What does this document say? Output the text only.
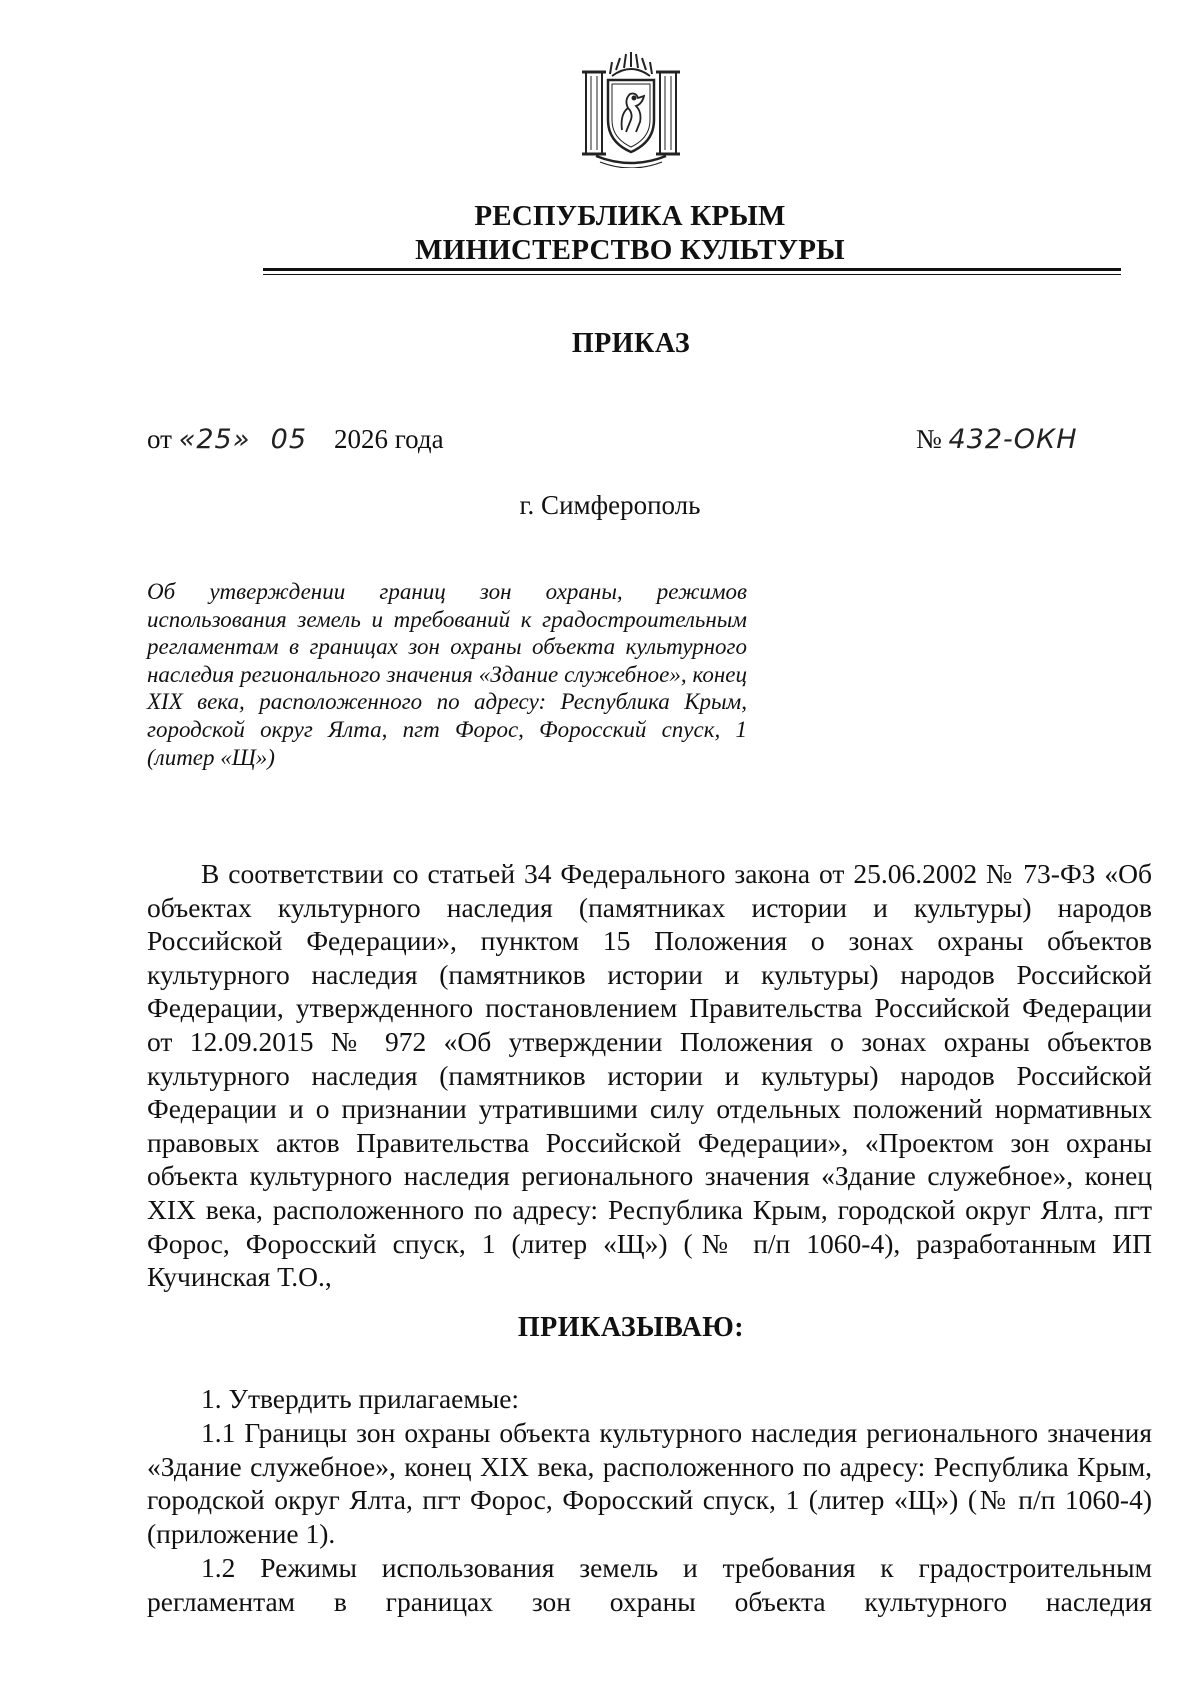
РЕСПУБЛИКА КРЫМ
МИНИСТЕРСТВО КУЛЬТУРЫ
ПРИКАЗ
от «25» 05 2026 года	№ 432-ОКН
г. Симферополь
Об утверждении границ зон охраны, режимов использования земель и требований к градостроительным регламентам в границах зон охраны объекта культурного наследия регионального значения «Здание служебное», конец XIX века, расположенного по адресу: Республика Крым, городской округ Ялта, пгт Форос, Форосский спуск, 1 (литер «Щ»)

В соответствии со статьей 34 Федерального закона от 25.06.2002 № 73-ФЗ «Об объектах культурного наследия (памятниках истории и культуры) народов Российской Федерации», пунктом 15 Положения о зонах охраны объектов культурного наследия (памятников истории и культуры) народов Российской Федерации, утвержденного постановлением Правительства Российской Федерации от 12.09.2015 № 972 «Об утверждении Положения о зонах охраны объектов культурного наследия (памятников истории и культуры) народов Российской Федерации и о признании утратившими силу отдельных положений нормативных правовых актов Правительства Российской Федерации», «Проектом зон охраны объекта культурного наследия регионального значения «Здание служебное», конец XIX века, расположенного по адресу: Республика Крым, городской округ Ялта, пгт Форос, Форосский спуск, 1 (литер «Щ») (№ п/п 1060-4), разработанным ИП Кучинская Т.О.,

ПРИКАЗЫВАЮ:

1. Утвердить прилагаемые:

1.1 Границы зон охраны объекта культурного наследия регионального значения «Здание служебное», конец XIX века, расположенного по адресу: Республика Крым, городской округ Ялта, пгт Форос, Форосский спуск, 1 (литер «Щ») (№ п/п 1060-4) (приложение 1).

1.2 Режимы использования земель и требования к градостроительным регламентам в границах зон охраны объекта культурного наследия
